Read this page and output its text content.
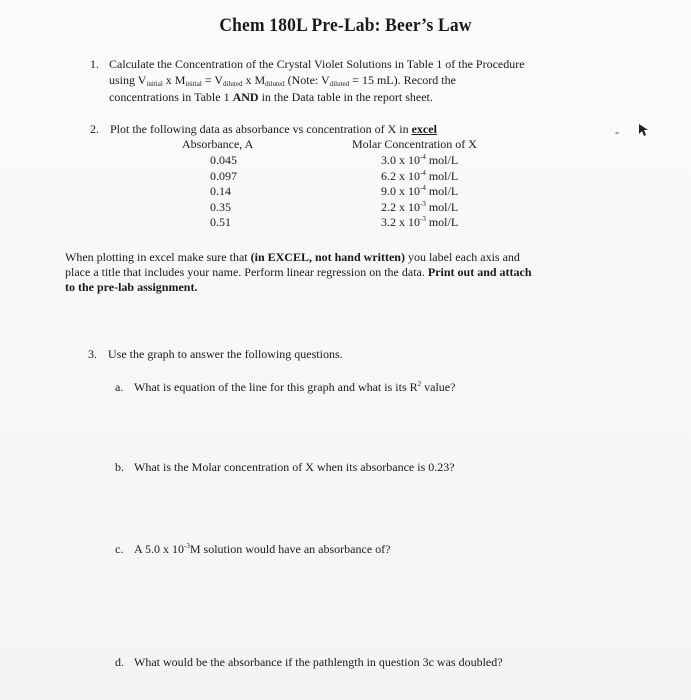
Chem 180L Pre-Lab: Beer’s Law
1. Calculate the Concentration of the Crystal Violet Solutions in Table 1 of the Procedure
using $V_{initial}$ x $M_{initial} = V_{diluted}$ x $M_{diluted}$ (Note: $V_{diluted} = 15$ mL). Record the
concentrations in Table 1 AND in the Data table in the report sheet.
2. Plot the following data as absorbance vs concentration of X in excel
Absorbance, A	Molar Concentration of X
0.045	3.0 x $10^{-4}$ mol/L
0.097	6.2 x $10^{-4}$ mol/L
0.14	9.0 x $10^{-4}$ mol/L
0.35	2.2 x $10^{-3}$ mol/L
0.51	3.2 x $10^{-3}$ mol/L
When plotting in excel make sure that (in EXCEL, not hand written) you label each axis and
place a title that includes your name. Perform linear regression on the data. Print out and attach
to the pre-lab assignment.
3. Use the graph to answer the following questions.
a. What is equation of the line for this graph and what is its $R^2$ value?
b. What is the Molar concentration of X when its absorbance is 0.23?
c. A 5.0 x $10^{-3}M$ solution would have an absorbance of?
d. What would be the absorbance if the pathlength in question 3c was doubled?
-
